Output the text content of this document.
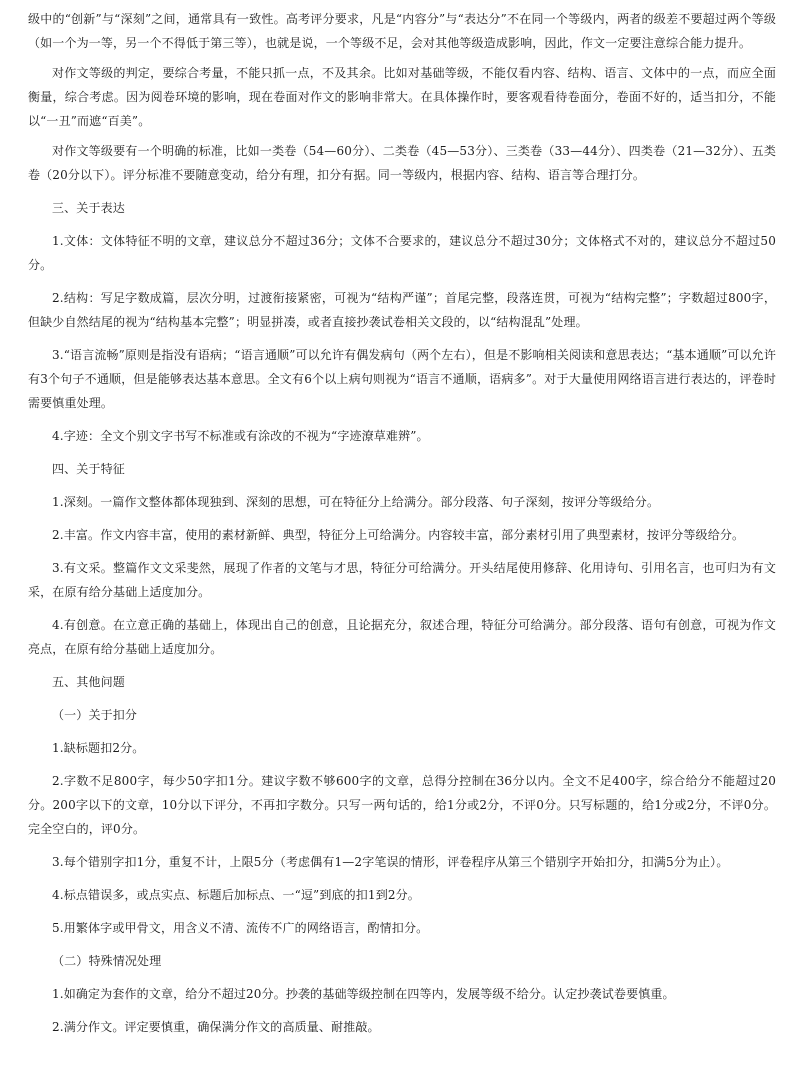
级中的“创新”与“深刻”之间，通常具有一致性。高考评分要求，凡是“内容分”与“表达分”不在同一个等级内，两者的级差不要超过两个等级（如一个为一等，另一个不得低于第三等），也就是说，一个等级不足，会对其他等级造成影响，因此，作文一定要注意综合能力提升。

对作文等级的判定，要综合考量，不能只抓一点，不及其余。比如对基础等级，不能仅看内容、结构、语言、文体中的一点，而应全面衡量，综合考虑。因为阅卷环境的影响，现在卷面对作文的影响非常大。在具体操作时，要客观看待卷面分，卷面不好的，适当扣分，不能以“一丑”而遮“百美”。

对作文等级要有一个明确的标准，比如一类卷（54—60分）、二类卷（45—53分）、三类卷（33—44分）、四类卷（21—32分）、五类卷（20分以下）。评分标准不要随意变动，给分有理，扣分有据。同一等级内，根据内容、结构、语言等合理打分。

三、关于表达

1.文体：文体特征不明的文章，建议总分不超过36分；文体不合要求的，建议总分不超过30分；文体格式不对的，建议总分不超过50分。

2.结构：写足字数成篇，层次分明，过渡衔接紧密，可视为“结构严谨”；首尾完整，段落连贯，可视为“结构完整”；字数超过800字，但缺少自然结尾的视为“结构基本完整”；明显拼凑，或者直接抄袭试卷相关文段的，以“结构混乱”处理。

3.“语言流畅”原则是指没有语病；“语言通顺”可以允许有偶发病句（两个左右），但是不影响相关阅读和意思表达；“基本通顺”可以允许有3个句子不通顺，但是能够表达基本意思。全文有6个以上病句则视为“语言不通顺，语病多”。对于大量使用网络语言进行表达的，评卷时需要慎重处理。

4.字迹：全文个别文字书写不标准或有涂改的不视为“字迹潦草难辨”。

四、关于特征

1.深刻。一篇作文整体都体现独到、深刻的思想，可在特征分上给满分。部分段落、句子深刻，按评分等级给分。

2.丰富。作文内容丰富，使用的素材新鲜、典型，特征分上可给满分。内容较丰富，部分素材引用了典型素材，按评分等级给分。

3.有文采。整篇作文文采斐然，展现了作者的文笔与才思，特征分可给满分。开头结尾使用修辞、化用诗句、引用名言，也可归为有文采，在原有给分基础上适度加分。

4.有创意。在立意正确的基础上，体现出自己的创意，且论据充分，叙述合理，特征分可给满分。部分段落、语句有创意，可视为作文亮点，在原有给分基础上适度加分。

五、其他问题

（一）关于扣分

1.缺标题扣2分。

2.字数不足800字，每少50字扣1分。建议字数不够600字的文章，总得分控制在36分以内。全文不足400字，综合给分不能超过20分。200字以下的文章，10分以下评分，不再扣字数分。只写一两句话的，给1分或2分，不评0分。只写标题的，给1分或2分，不评0分。完全空白的，评0分。

3.每个错别字扣1分，重复不计，上限5分（考虑偶有1—2字笔误的情形，评卷程序从第三个错别字开始扣分，扣满5分为止）。

4.标点错误多，或点实点、标题后加标点、一“逗”到底的扣1到2分。

5.用繁体字或甲骨文，用含义不清、流传不广的网络语言，酌情扣分。

（二）特殊情况处理

1.如确定为套作的文章，给分不超过20分。抄袭的基础等级控制在四等内，发展等级不给分。认定抄袭试卷要慎重。

2.满分作文。评定要慎重，确保满分作文的高质量、耐推敲。
